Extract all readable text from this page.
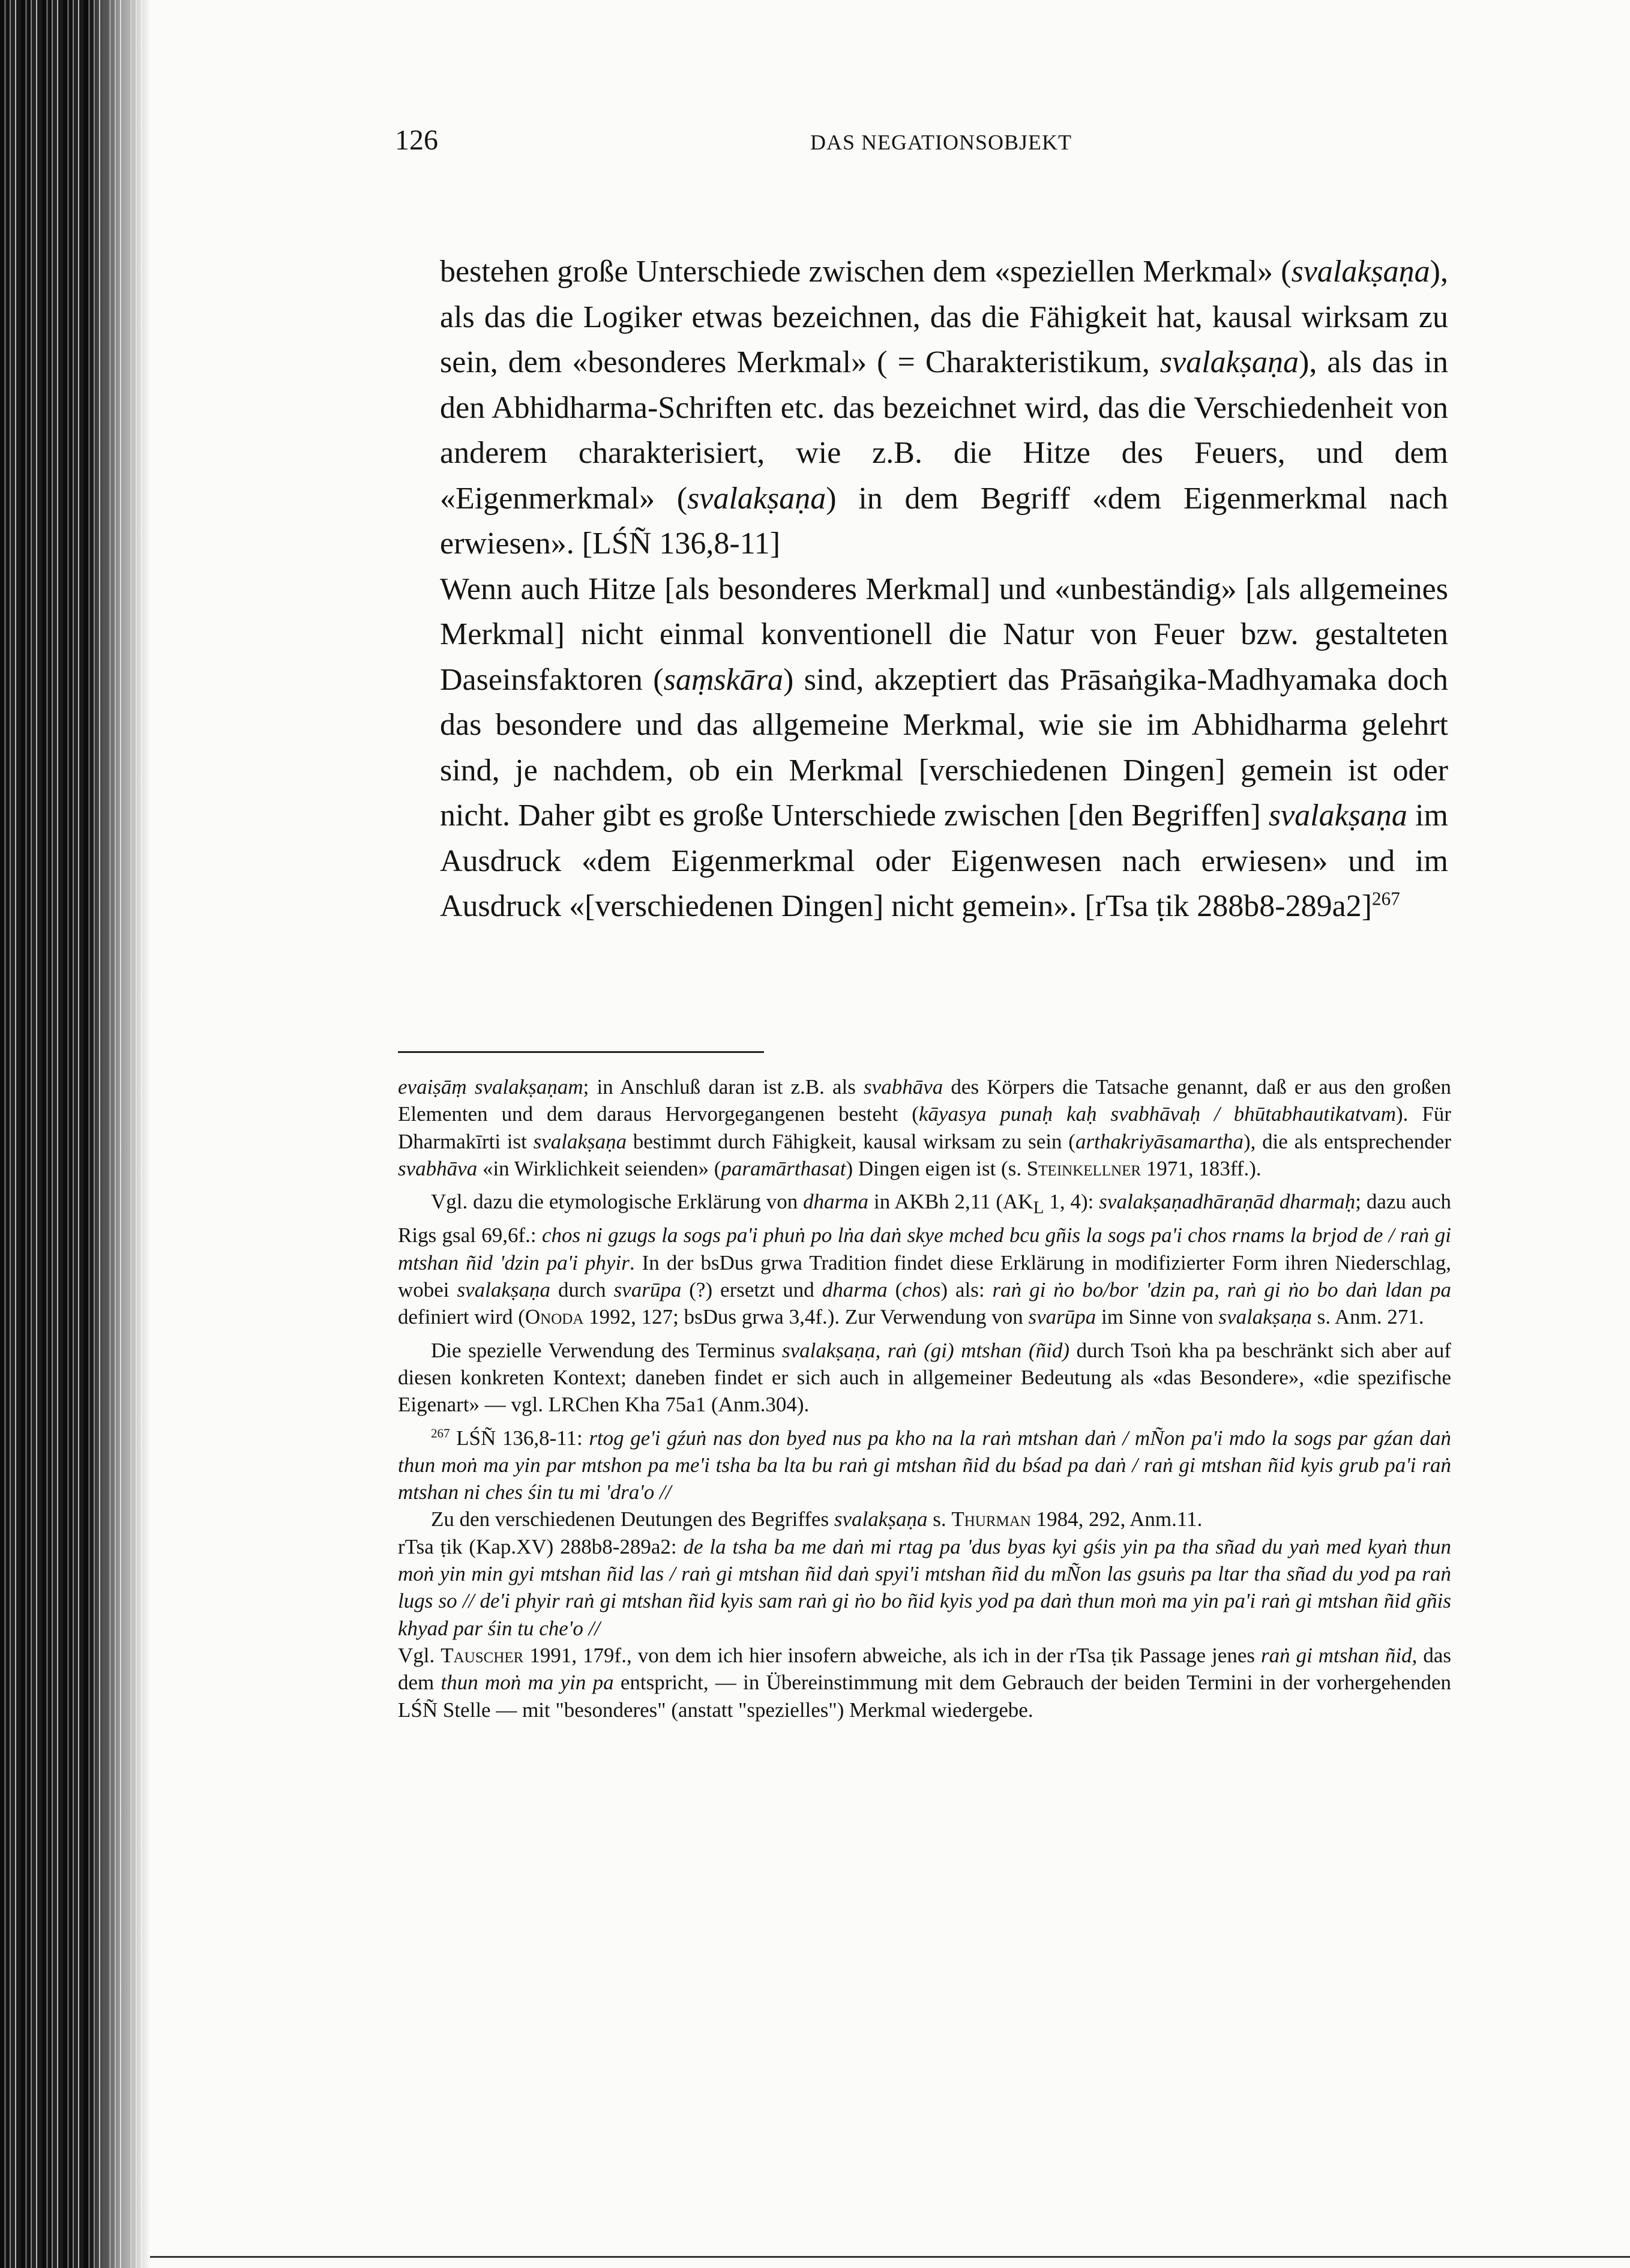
126	DAS NEGATIONSOBJEKT

bestehen große Unterschiede zwischen dem «speziellen Merkmal» (svalakṣaṇa), als das die Logiker etwas bezeichnen, das die Fähigkeit hat, kausal wirksam zu sein, dem «besonderes Merkmal» ( = Charakteristikum, svalakṣaṇa), als das in den Abhidharma-Schriften etc. das bezeichnet wird, das die Verschiedenheit von anderem charakterisiert, wie z.B. die Hitze des Feuers, und dem «Eigenmerkmal» (svalakṣaṇa) in dem Begriff «dem Eigenmerkmal nach erwiesen». [LŚÑ 136,8-11]

Wenn auch Hitze [als besonderes Merkmal] und «unbeständig» [als allgemeines Merkmal] nicht einmal konventionell die Natur von Feuer bzw. gestalteten Daseinsfaktoren (saṃskāra) sind, akzeptiert das Prāsaṅgika-Madhyamaka doch das besondere und das allgemeine Merkmal, wie sie im Abhidharma gelehrt sind, je nachdem, ob ein Merkmal [verschiedenen Dingen] gemein ist oder nicht. Daher gibt es große Unterschiede zwischen [den Begriffen] svalakṣaṇa im Ausdruck «dem Eigenmerkmal oder Eigenwesen nach erwiesen» und im Ausdruck «[verschiedenen Dingen] nicht gemein». [rTsa ṭik 288b8-289a2]$^{267}$

evaiṣāṃ svalakṣaṇam; in Anschluß daran ist z.B. als svabhāva des Körpers die Tatsache genannt, daß er aus den großen Elementen und dem daraus Hervorgegangenen besteht (kāyasya punaḥ kaḥ svabhāvaḥ / bhūtabhautikatvam). Für Dharmakīrti ist svalakṣaṇa bestimmt durch Fähigkeit, kausal wirksam zu sein (arthakriyāsamartha), die als entsprechender svabhāva «in Wirklichkeit seienden» (paramārthasat) Dingen eigen ist (s. Steinkellner 1971, 183ff.).

Vgl. dazu die etymologische Erklärung von dharma in AKBh 2,11 ($AK_L$ 1, 4): svalakṣaṇadhāraṇād dharmaḥ; dazu auch Rigs gsal 69,6f.: chos ni gzugs la sogs pa'i phuṅ po lṅa daṅ skye mched bcu gñis la sogs pa'i chos rnams la brjod de / raṅ gi mtshan ñid 'dzin pa'i phyir. In der bsDus grwa Tradition findet diese Erklärung in modifizierter Form ihren Niederschlag, wobei svalakṣaṇa durch svarūpa (?) ersetzt und dharma (chos) als: raṅ gi ṅo bo/bor 'dzin pa, raṅ gi ṅo bo daṅ ldan pa definiert wird (Onoda 1992, 127; bsDus grwa 3,4f.). Zur Verwendung von svarūpa im Sinne von svalakṣaṇa s. Anm. 271.

Die spezielle Verwendung des Terminus svalakṣaṇa, raṅ (gi) mtshan (ñid) durch Tsoṅ kha pa beschränkt sich aber auf diesen konkreten Kontext; daneben findet er sich auch in allgemeiner Bedeutung als «das Besondere», «die spezifische Eigenart» — vgl. LRChen Kha 75a1 (Anm.304).

$^{267}$ LŚÑ 136,8-11: rtog ge'i gźuṅ nas don byed nus pa kho na la raṅ mtshan daṅ / mÑon pa'i mdo la sogs par gźan daṅ thun moṅ ma yin par mtshon pa me'i tsha ba lta bu raṅ gi mtshan ñid du bśad pa daṅ / raṅ gi mtshan ñid kyis grub pa'i raṅ mtshan ni ches śin tu mi 'dra'o //

Zu den verschiedenen Deutungen des Begriffes svalakṣaṇa s. Thurman 1984, 292, Anm.11.

rTsa ṭik (Kap.XV) 288b8-289a2: de la tsha ba me daṅ mi rtag pa 'dus byas kyi gśis yin pa tha sñad du yaṅ med kyaṅ thun moṅ yin min gyi mtshan ñid las / raṅ gi mtshan ñid daṅ spyi'i mtshan ñid du mÑon las gsuṅs pa ltar tha sñad du yod pa raṅ lugs so // de'i phyir raṅ gi mtshan ñid kyis sam raṅ gi ṅo bo ñid kyis yod pa daṅ thun moṅ ma yin pa'i raṅ gi mtshan ñid gñis khyad par śin tu che'o //

Vgl. Tauscher 1991, 179f., von dem ich hier insofern abweiche, als ich in der rTsa ṭik Passage jenes raṅ gi mtshan ñid, das dem thun moṅ ma yin pa entspricht, — in Übereinstimmung mit dem Gebrauch der beiden Termini in der vorhergehenden LŚÑ Stelle — mit "besonderes" (anstatt "spezielles") Merkmal wiedergebe.
